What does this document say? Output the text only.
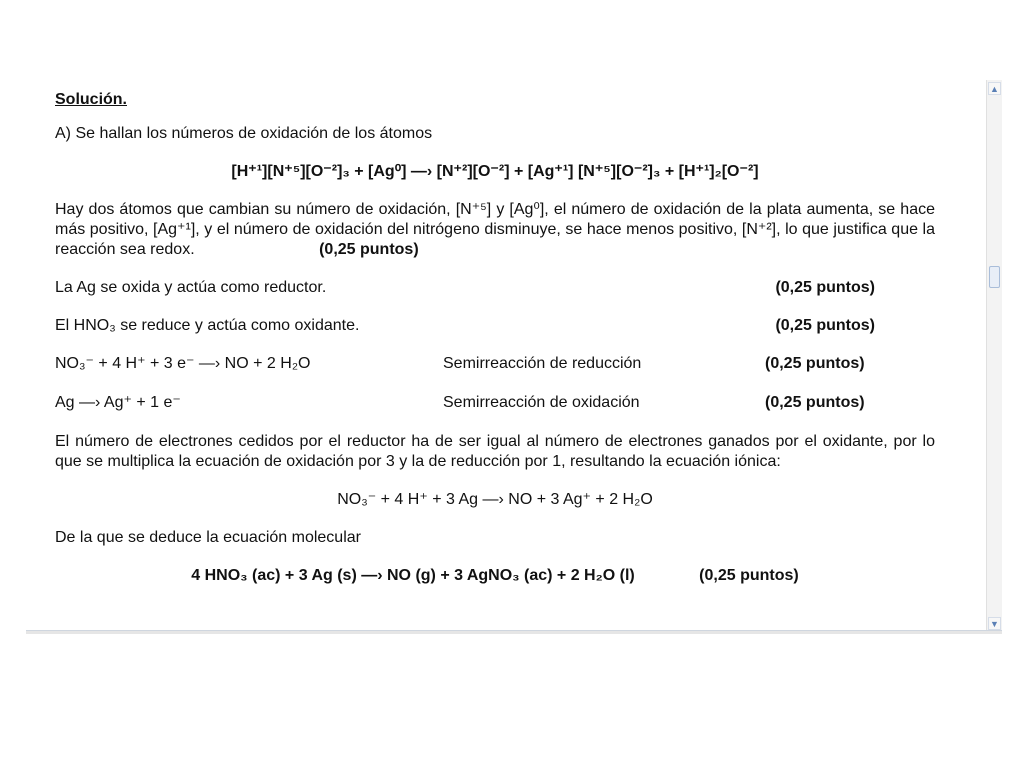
Solución.
A) Se hallan los números de oxidación de los átomos
[H⁺¹][N⁺⁵][O⁻²]₃ + [Ag⁰] —› [N⁺²][O⁻²] + [Ag⁺¹] [N⁺⁵][O⁻²]₃ + [H⁺¹]₂[O⁻²]
Hay dos átomos que cambian su número de oxidación, [N⁺⁵] y [Ag⁰], el número de oxidación de la plata aumenta, se hace más positivo, [Ag⁺¹], y el número de oxidación del nitrógeno disminuye, se hace menos positivo, [N⁺²], lo que justifica que la reacción sea redox.	(0,25 puntos)
La Ag se oxida y actúa como reductor.	(0,25 puntos)
El HNO₃ se reduce y actúa como oxidante.	(0,25 puntos)
NO₃⁻ + 4 H⁺ + 3 e⁻ —› NO + 2 H₂O	Semirreacción de reducción	(0,25 puntos)
Ag —› Ag⁺ + 1 e⁻	Semirreacción de oxidación	(0,25 puntos)
El número de electrones cedidos por el reductor ha de ser igual al número de electrones ganados por el oxidante, por lo que se multiplica la ecuación de oxidación por 3 y la de reducción por 1, resultando la ecuación iónica:
NO₃⁻ + 4 H⁺ + 3 Ag —› NO + 3 Ag⁺ + 2 H₂O
De la que se deduce la ecuación molecular
4 HNO₃ (ac) + 3 Ag (s) —› NO (g) + 3 AgNO₃ (ac) + 2 H₂O (l)	(0,25 puntos)
▲
▼
